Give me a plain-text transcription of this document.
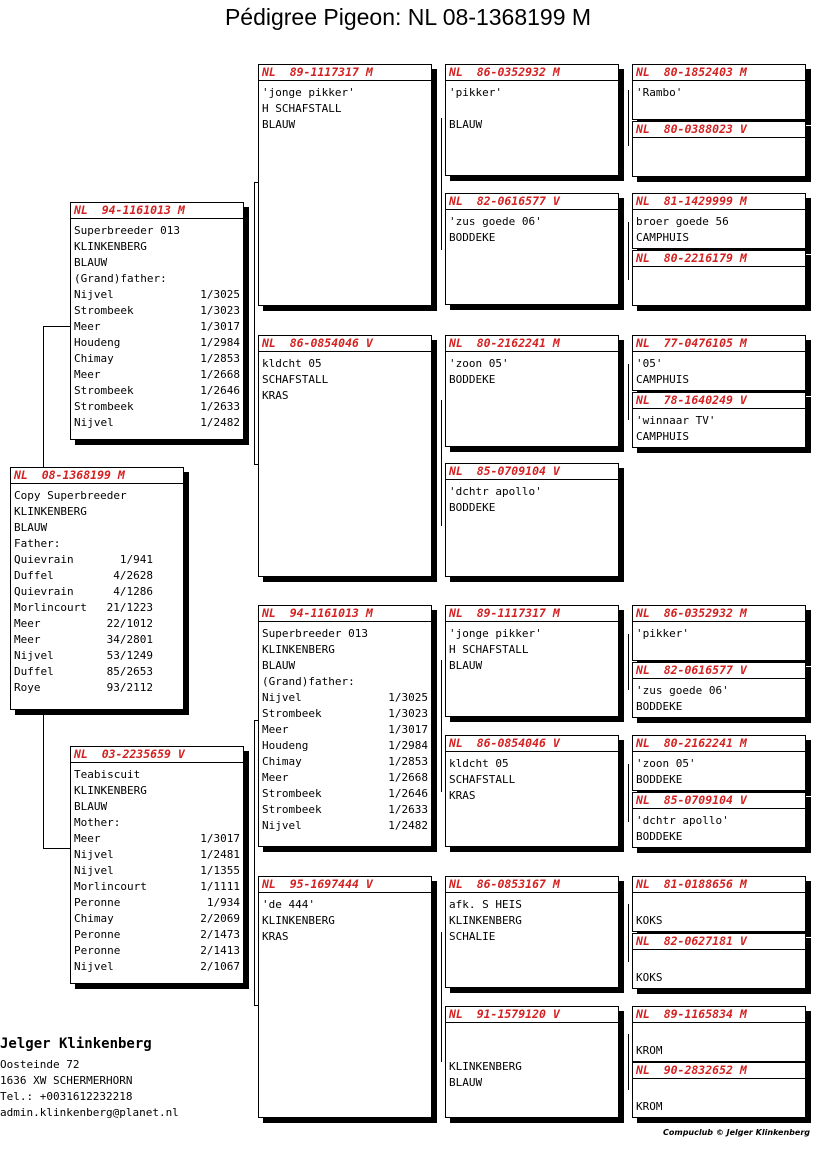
Pédigree Pigeon: NL 08-1368199 M
NL  08-1368199 M
Copy Superbreeder
KLINKENBERG
BLAUW
Father:
Quievrain	1/941
Duffel	4/2628
Quievrain	4/1286
Morlincourt	21/1223
Meer	22/1012
Meer	34/2801
Nijvel	53/1249
Duffel	85/2653
Roye	93/2112
NL  94-1161013 M
Superbreeder 013
KLINKENBERG
BLAUW
(Grand)father:
Nijvel	1/3025
Strombeek	1/3023
Meer	1/3017
Houdeng	1/2984
Chimay	1/2853
Meer	1/2668
Strombeek	1/2646
Strombeek	1/2633
Nijvel	1/2482
NL  03-2235659 V
Teabiscuit
KLINKENBERG
BLAUW
Mother:
Meer	1/3017
Nijvel	1/2481
Nijvel	1/1355
Morlincourt	1/1111
Peronne	1/934
Chimay	2/2069
Peronne	2/1473
Peronne	2/1413
Nijvel	2/1067
NL  89-1117317 M
'jonge pikker'
H SCHAFSTALL
BLAUW
NL  86-0854046 V
kldcht 05
SCHAFSTALL
KRAS
NL  94-1161013 M
Superbreeder 013
KLINKENBERG
BLAUW
(Grand)father:
Nijvel	1/3025
Strombeek	1/3023
Meer	1/3017
Houdeng	1/2984
Chimay	1/2853
Meer	1/2668
Strombeek	1/2646
Strombeek	1/2633
Nijvel	1/2482
NL  95-1697444 V
'de 444'
KLINKENBERG
KRAS
NL  86-0352932 M
'pikker'
BLAUW
NL  82-0616577 V
'zus goede 06'
BODDEKE
NL  80-2162241 M
'zoon 05'
BODDEKE
NL  85-0709104 V
'dchtr apollo'
BODDEKE
NL  89-1117317 M
'jonge pikker'
H SCHAFSTALL
BLAUW
NL  86-0854046 V
kldcht 05
SCHAFSTALL
KRAS
NL  86-0853167 M
afk. S HEIS
KLINKENBERG
SCHALIE
NL  91-1579120 V
KLINKENBERG
BLAUW
NL  80-1852403 M
'Rambo'
NL  80-0388023 V
NL  81-1429999 M
broer goede 56
CAMPHUIS
NL  80-2216179 M
NL  77-0476105 M
'05'
CAMPHUIS
NL  78-1640249 V
'winnaar TV'
CAMPHUIS
NL  86-0352932 M
'pikker'
NL  82-0616577 V
'zus goede 06'
BODDEKE
NL  80-2162241 M
'zoon 05'
BODDEKE
NL  85-0709104 V
'dchtr apollo'
BODDEKE
NL  81-0188656 M
KOKS
NL  82-0627181 V
KOKS
NL  89-1165834 M
KROM
NL  90-2832652 M
KROM
Jelger Klinkenberg
Oosteinde 72
1636 XW SCHERMERHORN
Tel.: +0031612232218
admin.klinkenberg@planet.nl
Compuclub © Jelger Klinkenberg
